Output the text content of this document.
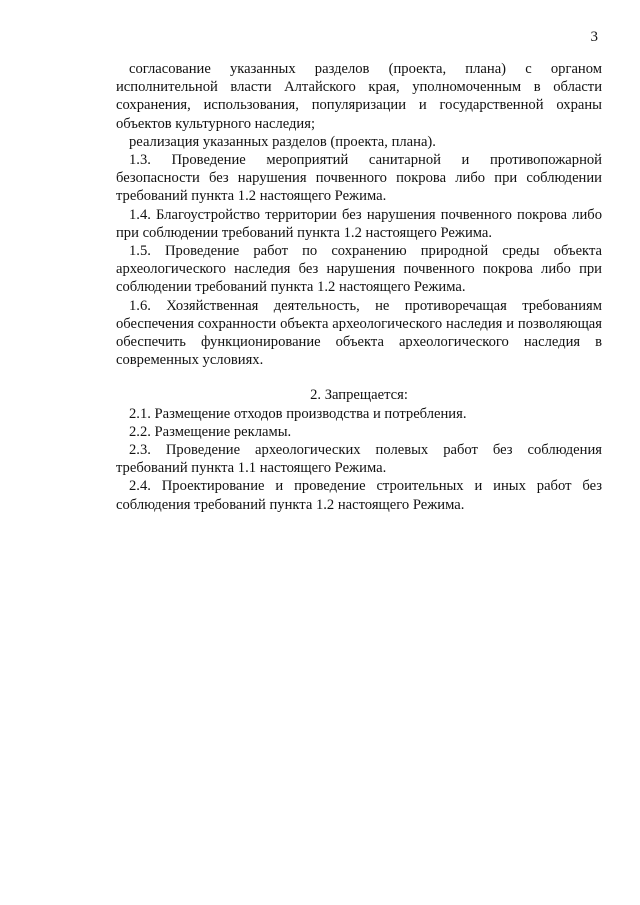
3

согласование указанных разделов (проекта, плана) с органом исполнительной власти Алтайского края, уполномоченным в области сохранения, использования, популяризации и государственной охраны объектов культурного наследия;

реализация указанных разделов (проекта, плана).

1.3. Проведение мероприятий санитарной и противопожарной безопасности без нарушения почвенного покрова либо при соблюдении требований пункта 1.2 настоящего Режима.

1.4. Благоустройство территории без нарушения почвенного покрова либо при соблюдении требований пункта 1.2 настоящего Режима.

1.5. Проведение работ по сохранению природной среды объекта археологического наследия без нарушения почвенного покрова либо при соблюдении требований пункта 1.2 настоящего Режима.

1.6. Хозяйственная деятельность, не противоречащая требованиям обеспечения сохранности объекта археологического наследия и позволяющая обеспечить функционирование объекта археологического наследия в современных условиях.

2. Запрещается:

2.1. Размещение отходов производства и потребления.

2.2. Размещение рекламы.

2.3. Проведение археологических полевых работ без соблюдения требований пункта 1.1 настоящего Режима.

2.4. Проектирование и проведение строительных и иных работ без соблюдения требований пункта 1.2 настоящего Режима.
